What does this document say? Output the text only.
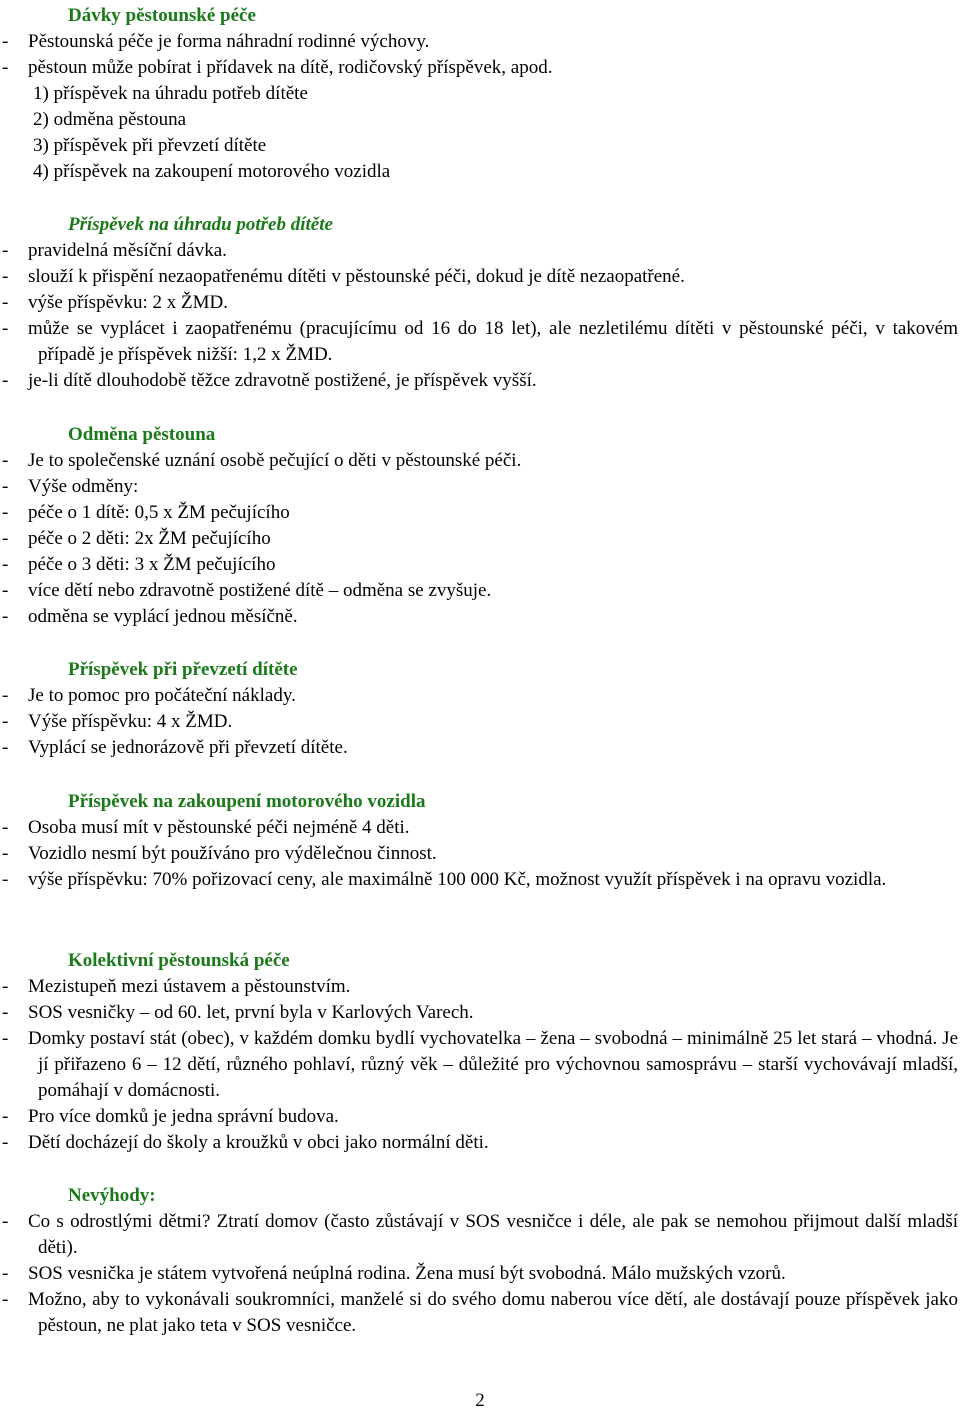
Dávky pěstounské péče
- Pěstounská péče je forma náhradní rodinné výchovy.
- pěstoun může pobírat i přídavek na dítě, rodičovský příspěvek, apod.
1) příspěvek na úhradu potřeb dítěte
2) odměna pěstouna
3) příspěvek při převzetí dítěte
4) příspěvek na zakoupení motorového vozidla
Příspěvek na úhradu potřeb dítěte
- pravidelná měsíční dávka.
- slouží k přispění nezaopatřenému dítěti v pěstounské péči, dokud je dítě nezaopatřené.
- výše příspěvku: 2 x ŽMD.
- může se vyplácet i zaopatřenému (pracujícímu od 16 do 18 let), ale nezletilému dítěti v pěstounské péči, v takovém případě je příspěvek nižší: 1,2 x ŽMD.
- je-li dítě dlouhodobě těžce zdravotně postižené, je příspěvek vyšší.
Odměna pěstouna
- Je to společenské uznání osobě pečující o děti v pěstounské péči.
- Výše odměny:
- péče o 1 dítě: 0,5 x ŽM pečujícího
- péče o 2 děti: 2x ŽM pečujícího
- péče o 3 děti: 3 x ŽM pečujícího
- více dětí nebo zdravotně postižené dítě – odměna se zvyšuje.
- odměna se vyplácí jednou měsíčně.
Příspěvek při převzetí dítěte
- Je to pomoc pro počáteční náklady.
- Výše příspěvku: 4 x ŽMD.
- Vyplácí se jednorázově při převzetí dítěte.
Příspěvek na zakoupení motorového vozidla
- Osoba musí mít v pěstounské péči nejméně 4 děti.
- Vozidlo nesmí být používáno pro výdělečnou činnost.
- výše příspěvku: 70% pořizovací ceny, ale maximálně 100 000 Kč, možnost využít příspěvek i na opravu vozidla.
Kolektivní pěstounská péče
- Mezistupeň mezi ústavem a pěstounstvím.
- SOS vesničky – od 60. let, první byla v Karlových Varech.
- Domky postaví stát (obec), v každém domku bydlí vychovatelka – žena – svobodná – minimálně 25 let stará – vhodná. Je jí přiřazeno 6 – 12 dětí, různého pohlaví, různý věk – důležité pro výchovnou samosprávu – starší vychovávají mladší, pomáhají v domácnosti.
- Pro více domků je jedna správní budova.
- Dětí docházejí do školy a kroužků v obci jako normální děti.
Nevýhody:
- Co s odrostlými dětmi? Ztratí domov (často zůstávají v SOS vesničce i déle, ale pak se nemohou přijmout další mladší děti).
- SOS vesnička je státem vytvořená neúplná rodina. Žena musí být svobodná. Málo mužských vzorů.
- Možno, aby to vykonávali soukromníci, manželé si do svého domu naberou více dětí, ale dostávají pouze příspěvek jako pěstoun, ne plat jako teta v SOS vesničce.
2
